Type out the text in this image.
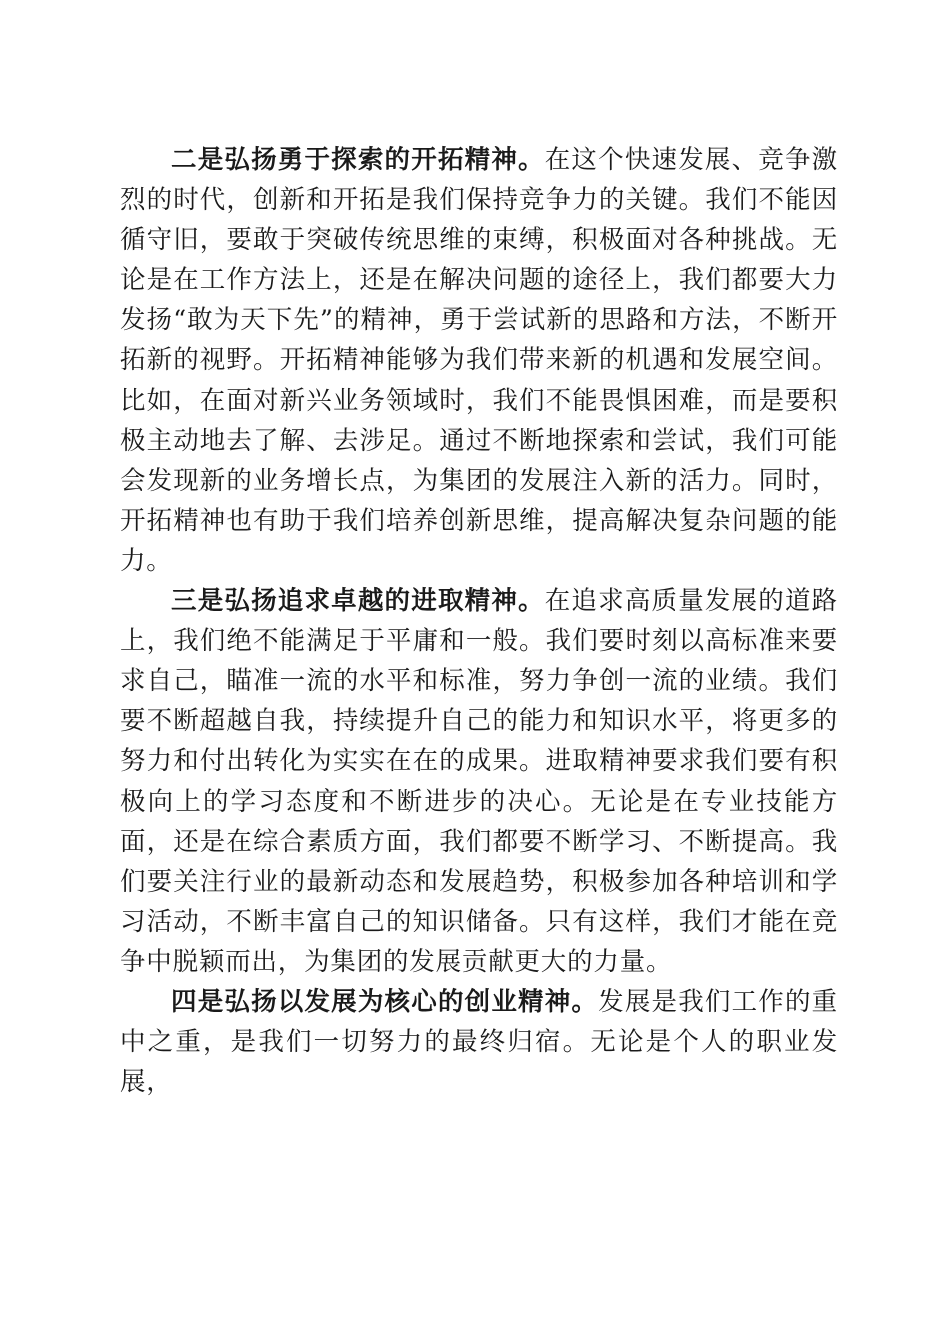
二是弘扬勇于探索的开拓精神。在这个快速发展、竞争激烈的时代，创新和开拓是我们保持竞争力的关键。我们不能因循守旧，要敢于突破传统思维的束缚，积极面对各种挑战。无论是在工作方法上，还是在解决问题的途径上，我们都要大力发扬“敢为天下先”的精神，勇于尝试新的思路和方法，不断开拓新的视野。开拓精神能够为我们带来新的机遇和发展空间。比如，在面对新兴业务领域时，我们不能畏惧困难，而是要积极主动地去了解、去涉足。通过不断地探索和尝试，我们可能会发现新的业务增长点，为集团的发展注入新的活力。同时，开拓精神也有助于我们培养创新思维，提高解决复杂问题的能力。

三是弘扬追求卓越的进取精神。在追求高质量发展的道路上，我们绝不能满足于平庸和一般。我们要时刻以高标准来要求自己，瞄准一流的水平和标准，努力争创一流的业绩。我们要不断超越自我，持续提升自己的能力和知识水平，将更多的努力和付出转化为实实在在的成果。进取精神要求我们要有积极向上的学习态度和不断进步的决心。无论是在专业技能方面，还是在综合素质方面，我们都要不断学习、不断提高。我们要关注行业的最新动态和发展趋势，积极参加各种培训和学习活动，不断丰富自己的知识储备。只有这样，我们才能在竞争中脱颖而出，为集团的发展贡献更大的力量。

四是弘扬以发展为核心的创业精神。发展是我们工作的重中之重，是我们一切努力的最终归宿。无论是个人的职业发展，
